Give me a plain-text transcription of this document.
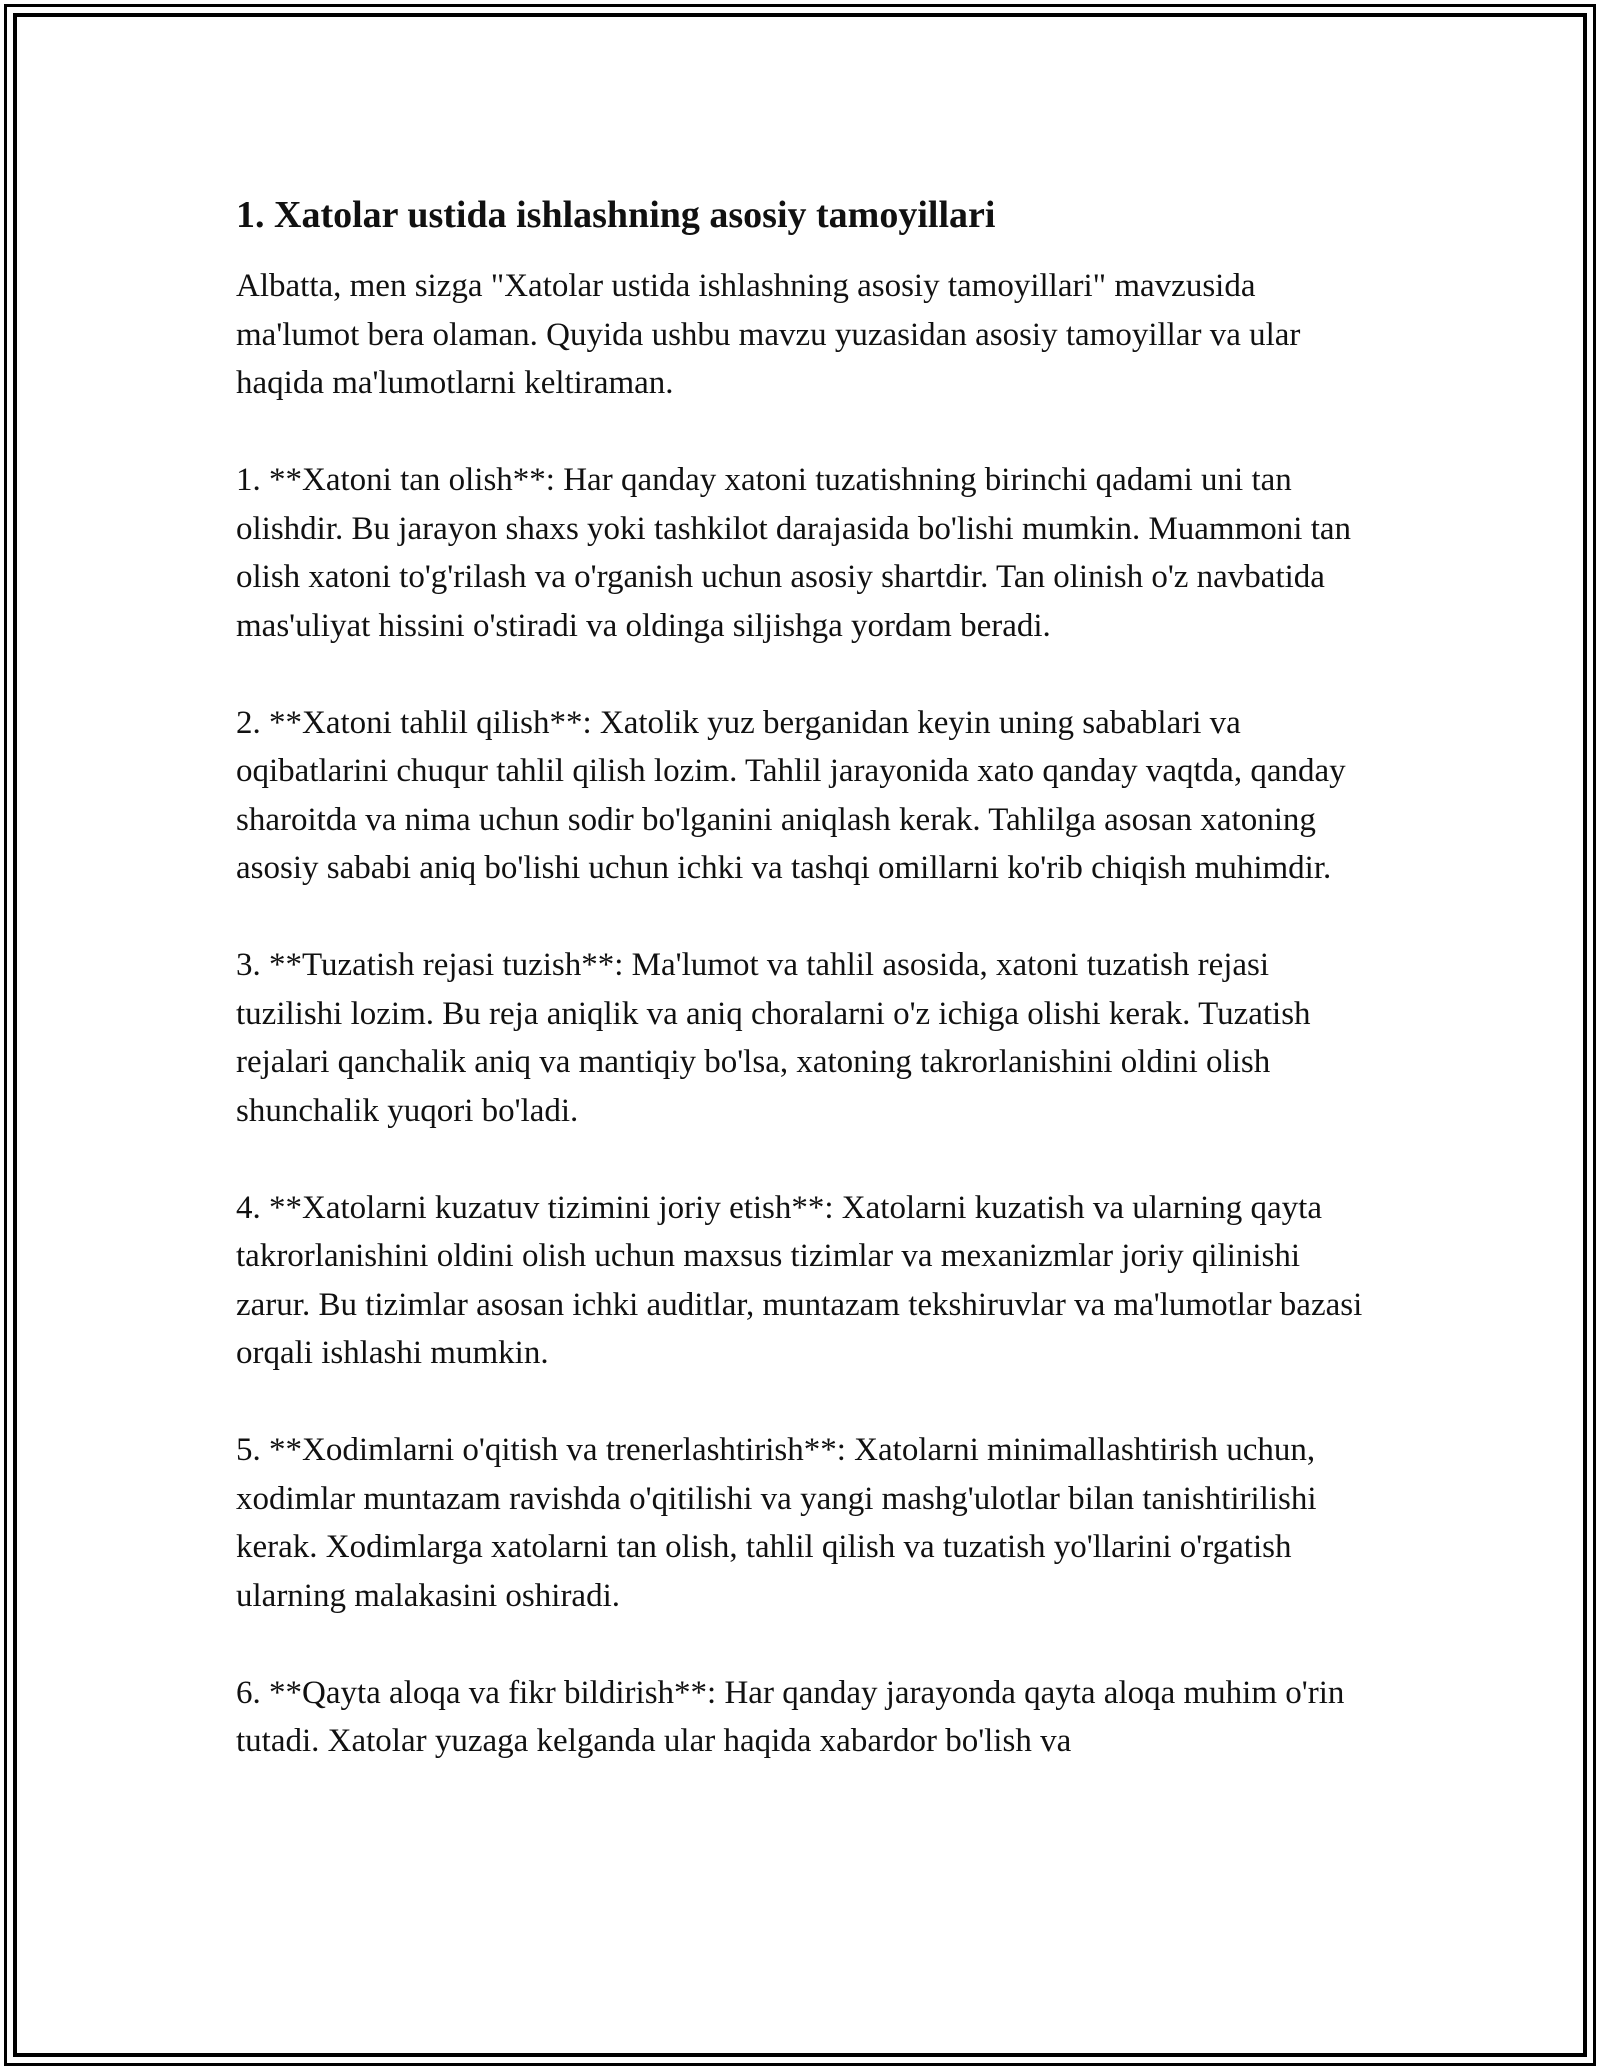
1. Xatolar ustida ishlashning asosiy tamoyillari

Albatta, men sizga "Xatolar ustida ishlashning asosiy tamoyillari" mavzusida ma'lumot bera olaman. Quyida ushbu mavzu yuzasidan asosiy tamoyillar va ular haqida ma'lumotlarni keltiraman.

1. **Xatoni tan olish**: Har qanday xatoni tuzatishning birinchi qadami uni tan olishdir. Bu jarayon shaxs yoki tashkilot darajasida bo'lishi mumkin. Muammoni tan olish xatoni to'g'rilash va o'rganish uchun asosiy shartdir. Tan olinish o'z navbatida mas'uliyat hissini o'stiradi va oldinga siljishga yordam beradi.

2. **Xatoni tahlil qilish**: Xatolik yuz berganidan keyin uning sabablari va oqibatlarini chuqur tahlil qilish lozim. Tahlil jarayonida xato qanday vaqtda, qanday sharoitda va nima uchun sodir bo'lganini aniqlash kerak. Tahlilga asosan xatoning asosiy sababi aniq bo'lishi uchun ichki va tashqi omillarni ko'rib chiqish muhimdir.

3. **Tuzatish rejasi tuzish**: Ma'lumot va tahlil asosida, xatoni tuzatish rejasi tuzilishi lozim. Bu reja aniqlik va aniq choralarni o'z ichiga olishi kerak. Tuzatish rejalari qanchalik aniq va mantiqiy bo'lsa, xatoning takrorlanishini oldini olish shunchalik yuqori bo'ladi.

4. **Xatolarni kuzatuv tizimini joriy etish**: Xatolarni kuzatish va ularning qayta takrorlanishini oldini olish uchun maxsus tizimlar va mexanizmlar joriy qilinishi zarur. Bu tizimlar asosan ichki auditlar, muntazam tekshiruvlar va ma'lumotlar bazasi orqali ishlashi mumkin.

5. **Xodimlarni o'qitish va trenerlashtirish**: Xatolarni minimallashtirish uchun, xodimlar muntazam ravishda o'qitilishi va yangi mashg'ulotlar bilan tanishtirilishi kerak. Xodimlarga xatolarni tan olish, tahlil qilish va tuzatish yo'llarini o'rgatish ularning malakasini oshiradi.

6. **Qayta aloqa va fikr bildirish**: Har qanday jarayonda qayta aloqa muhim o'rin tutadi. Xatolar yuzaga kelganda ular haqida xabardor bo'lish va
